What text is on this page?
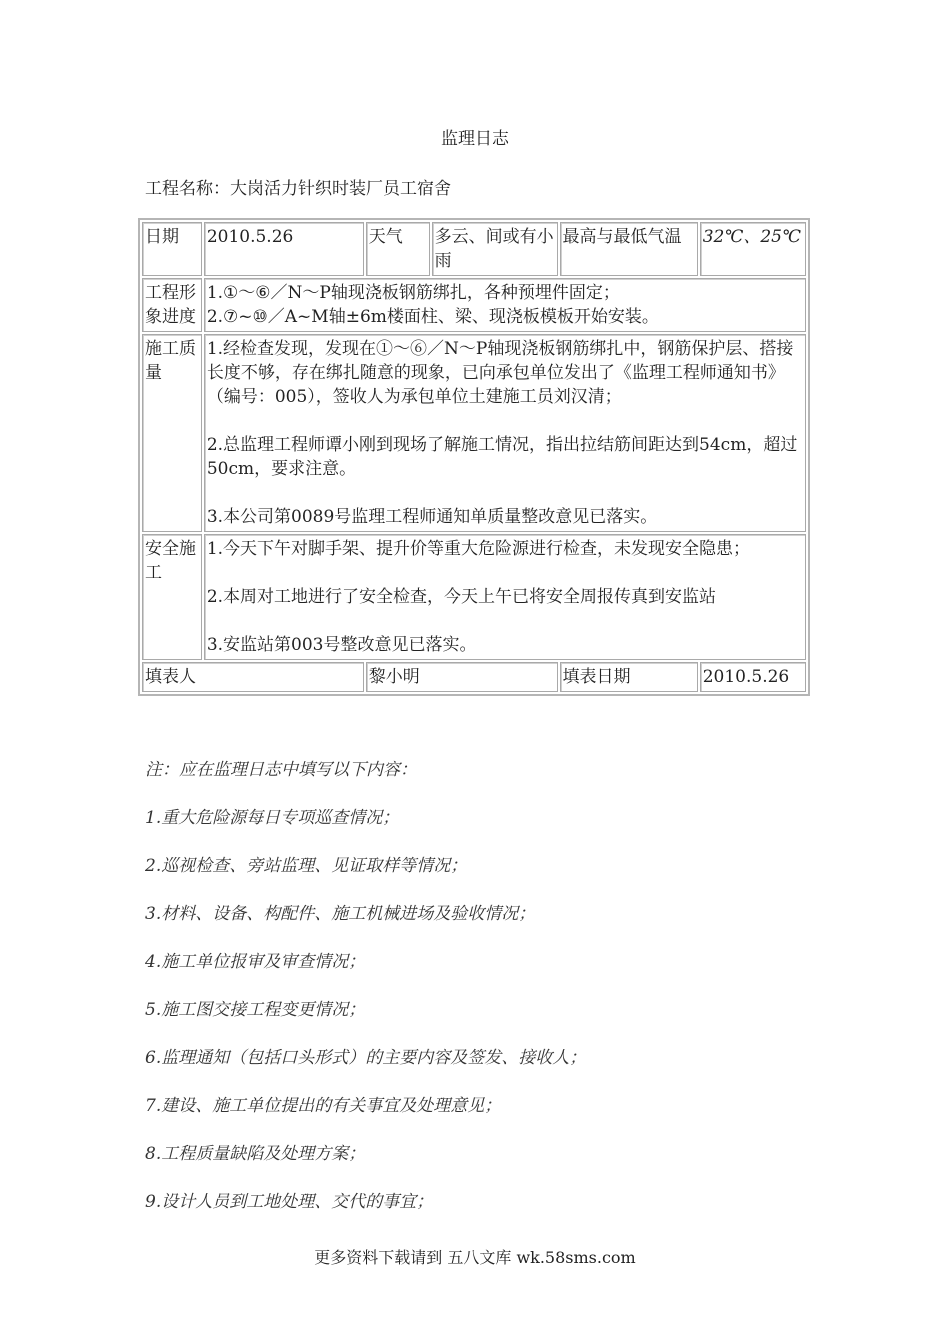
监理日志
工程名称：大岗活力针织时装厂员工宿舍
日期	2010.5.26	天气	多云、间或有小雨	最高与最低气温	32℃、25℃
工程形象进度	1.①～⑥／N～P轴现浇板钢筋绑扎，各种预埋件固定；
2.⑦~⑩／A~M轴±6m楼面柱、梁、现浇板模板开始安装。				

施工质量	1.经检查发现，发现在①～⑥／N～P轴现浇板钢筋绑扎中，钢筋保护层、搭接长度不够，存在绑扎随意的现象，已向承包单位发出了《监理工程师通知书》（编号：005），签收人为承包单位土建施工员刘汉清；

2.总监理工程师谭小刚到现场了解施工情况，指出拉结筋间距达到54cm，超过50cm，要求注意。

3.本公司第0089号监理工程师通知单质量整改意见已落实。				

安全施工	1.今天下午对脚手架、提升价等重大危险源进行检查，未发现安全隐患；

2.本周对工地进行了安全检查，今天上午已将安全周报传真到安监站

3.安监站第003号整改意见已落实。				

填表人		黎小明		填表日期	2010.5.26
注：应在监理日志中填写以下内容：
1.重大危险源每日专项巡查情况；
2.巡视检查、旁站监理、见证取样等情况；
3.材料、设备、构配件、施工机械进场及验收情况；
4.施工单位报审及审查情况；
5.施工图交接工程变更情况；
6.监理通知（包括口头形式）的主要内容及签发、接收人；
7.建设、施工单位提出的有关事宜及处理意见；
8.工程质量缺陷及处理方案；
9.设计人员到工地处理、交代的事宜；
更多资料下载请到 五八文库 wk.58sms.com
